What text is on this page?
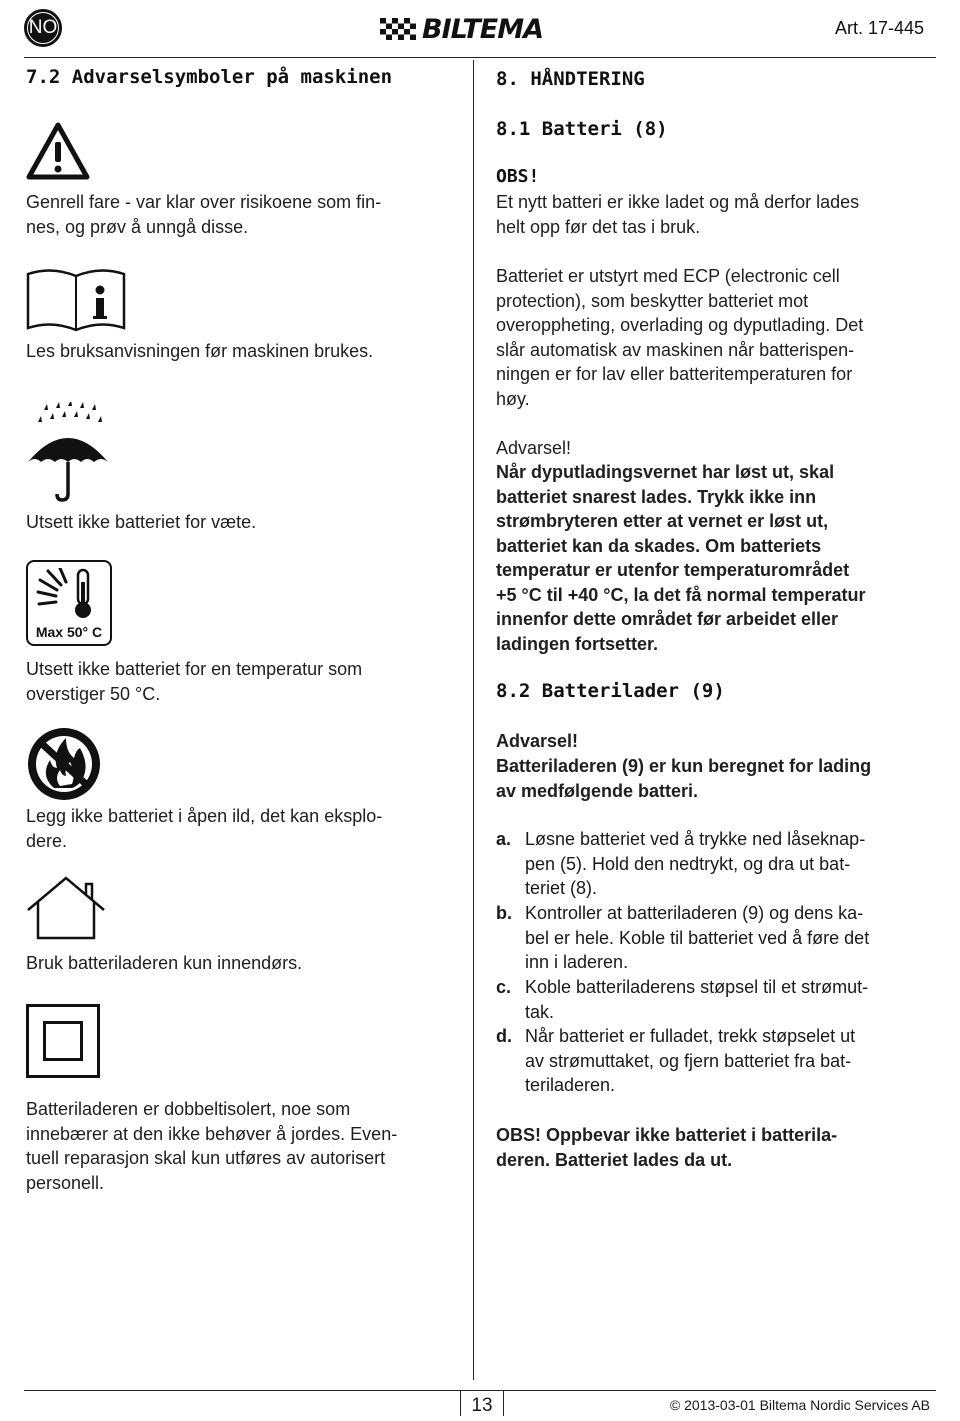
NO	BILTEMA	Art. 17-445
7.2 Advarselsymboler på maskinen
Genrell fare - var klar over risikoene som fin-
nes, og prøv å unngå disse.
Les bruksanvisningen før maskinen brukes.
Utsett ikke batteriet for væte.
Max 50° C
Utsett ikke batteriet for en temperatur som
overstiger 50 °C.
Legg ikke batteriet i åpen ild, det kan eksplo-
dere.
Bruk batteriladeren kun innendørs.
Batteriladeren er dobbeltisolert, noe som
innebærer at den ikke behøver å jordes. Even-
tuell reparasjon skal kun utføres av autorisert
personell.
8. HÅNDTERING
8.1 Batteri (8)
OBS!
Et nytt batteri er ikke ladet og må derfor lades
helt opp før det tas i bruk.
Batteriet er utstyrt med ECP (electronic cell
protection), som beskytter batteriet mot
overoppheting, overlading og dyputlading. Det
slår automatisk av maskinen når batterispen-
ningen er for lav eller batteritemperaturen for
høy.
Advarsel!
Når dyputladingsvernet har løst ut, skal
batteriet snarest lades. Trykk ikke inn
strømbryteren etter at vernet er løst ut,
batteriet kan da skades. Om batteriets
temperatur er utenfor temperaturområdet
+5 °C til +40 °C, la det få normal temperatur
innenfor dette området før arbeidet eller
ladingen fortsetter.
8.2 Batterilader (9)
Advarsel!
Batteriladeren (9) er kun beregnet for lading
av medfølgende batteri.
a. Løsne batteriet ved å trykke ned låseknap-
pen (5). Hold den nedtrykt, og dra ut bat-
teriet (8).
b. Kontroller at batteriladeren (9) og dens ka-
bel er hele. Koble til batteriet ved å føre det
inn i laderen.
c. Koble batteriladerens støpsel til et strømut-
tak.
d. Når batteriet er fulladet, trekk støpselet ut
av strømuttaket, og fjern batteriet fra bat-
teriladeren.
OBS! Oppbevar ikke batteriet i batterila-
deren. Batteriet lades da ut.
13	© 2013-03-01 Biltema Nordic Services AB
